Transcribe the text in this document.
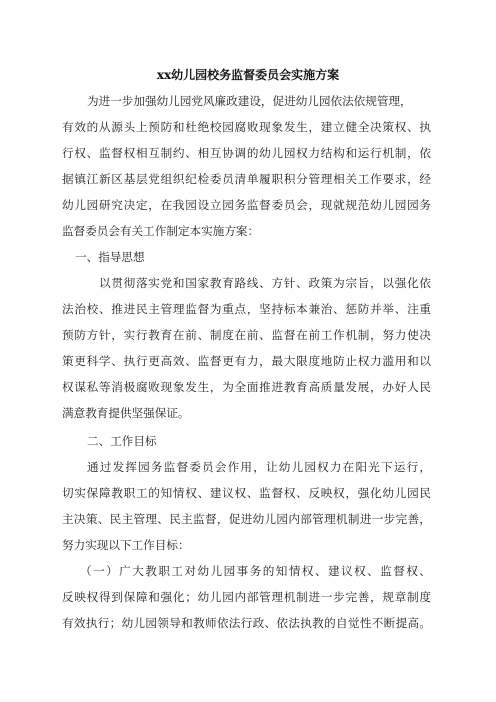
xx幼儿园校务监督委员会实施方案
为进一步加强幼儿园党风廉政建设，促进幼儿园依法依规管理，
有效的从源头上预防和杜绝校园腐败现象发生，建立健全决策权、执
行权、监督权相互制约、相互协调的幼儿园权力结构和运行机制，依
据镇江新区基层党组织纪检委员清单履职积分管理相关工作要求，经
幼儿园研究决定，在我园设立园务监督委员会，现就规范幼儿园园务
监督委员会有关工作制定本实施方案：
一、指导思想
以贯彻落实党和国家教育路线、方针、政策为宗旨，以强化依
法治校、推进民主管理监督为重点，坚持标本兼治、惩防并举、注重
预防方针，实行教育在前、制度在前、监督在前工作机制，努力使决
策更科学、执行更高效、监督更有力，最大限度地防止权力滥用和以
权谋私等消极腐败现象发生，为全面推进教育高质量发展，办好人民
满意教育提供坚强保证。
二、工作目标
通过发挥园务监督委员会作用，让幼儿园权力在阳光下运行，
切实保障教职工的知情权、建议权、监督权、反映权，强化幼儿园民
主决策、民主管理、民主监督，促进幼儿园内部管理机制进一步完善，
努力实现以下工作目标：
（一）广大教职工对幼儿园事务的知情权、建议权、监督权、
反映权得到保障和强化；幼儿园内部管理机制进一步完善，规章制度
有效执行；幼儿园领导和教师依法行政、依法执教的自觉性不断提高。
